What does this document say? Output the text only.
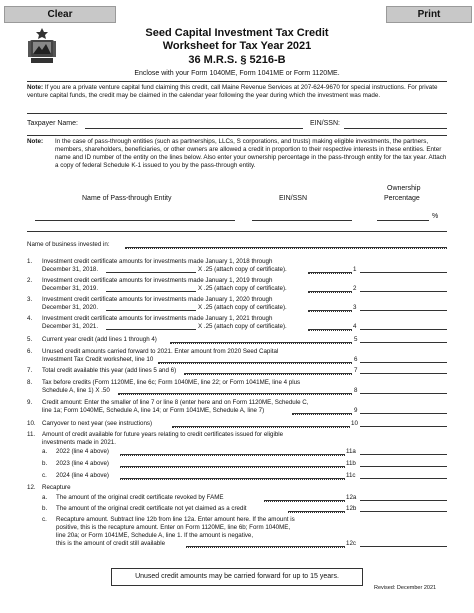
Clear	Print
Seed Capital Investment Tax Credit
Worksheet for Tax Year 2021
36 M.R.S. § 5216-B
Enclose with your Form 1040ME, Form 1041ME or Form 1120ME.
Note: If you are a private venture capital fund claiming this credit, call Maine Revenue Services at 207-624-9670 for special instructions. For private venture capital funds, the credit may be claimed in the calendar year following the year during which the investment was made.
Taxpayer Name:	EIN/SSN:
Note: In the case of pass-through entities (such as partnerships, LLCs, S corporations, and trusts) making eligible investments, the partners, members, shareholders, beneficiaries, or other owners are allowed a credit in proportion to their respective interests in these entities. Enter name and ID number of the entity on the lines below. Also enter your ownership percentage in the pass-through entity for the tax year. Attach a copy of federal Schedule K-1 issued to you by the pass-through entity.
Name of Pass-through Entity	EIN/SSN
Ownership
Percentage
%
Name of business invested in:
1. Investment credit certificate amounts for investments made January 1, 2018 through
December 31, 2018.	X .25 (attach copy of certificate).	1
2. Investment credit certificate amounts for investments made January 1, 2019 through
December 31, 2019.	X .25 (attach copy of certificate).	2
3. Investment credit certificate amounts for investments made January 1, 2020 through
December 31, 2020.	X .25 (attach copy of certificate).	3
4. Investment credit certificate amounts for investments made January 1, 2021 through
December 31, 2021.	X .25 (attach copy of certificate).	4
5. Current year credit (add lines 1 through 4)	5
6. Unused credit amounts carried forward to 2021. Enter amount from 2020 Seed Capital
Investment Tax Credit worksheet, line 10	6
7. Total credit available this year (add lines 5 and 6)	7
8. Tax before credits (Form 1120ME, line 6c; Form 1040ME, line 22; or Form 1041ME, line 4 plus
Schedule A, line 1) X .50	8
9. Credit amount: Enter the smaller of line 7 or line 8 (enter here and on Form 1120ME, Schedule C,
line 1a; Form 1040ME, Schedule A, line 14; or Form 1041ME, Schedule A, line 7)	9
10. Carryover to next year (see instructions)	10
11. Amount of credit available for future years relating to credit certificates issued for eligible
investments made in 2021.
a. 2022 (line 4 above)	11a
b. 2023 (line 4 above)	11b
c. 2024 (line 4 above)	11c
12. Recapture
a. The amount of the original credit certificate revoked by FAME	12a
b. The amount of the original credit certificate not yet claimed as a credit	12b
c. Recapture amount. Subtract line 12b from line 12a. Enter amount here. If the amount is
positive, this is the recapture amount. Enter on Form 1120ME, line 6b; Form 1040ME,
line 20a; or Form 1041ME, Schedule A, line 1. If the amount is negative,
this is the amount of credit still available	12c
Unused credit amounts may be carried forward for up to 15 years.
Revised: December 2021
